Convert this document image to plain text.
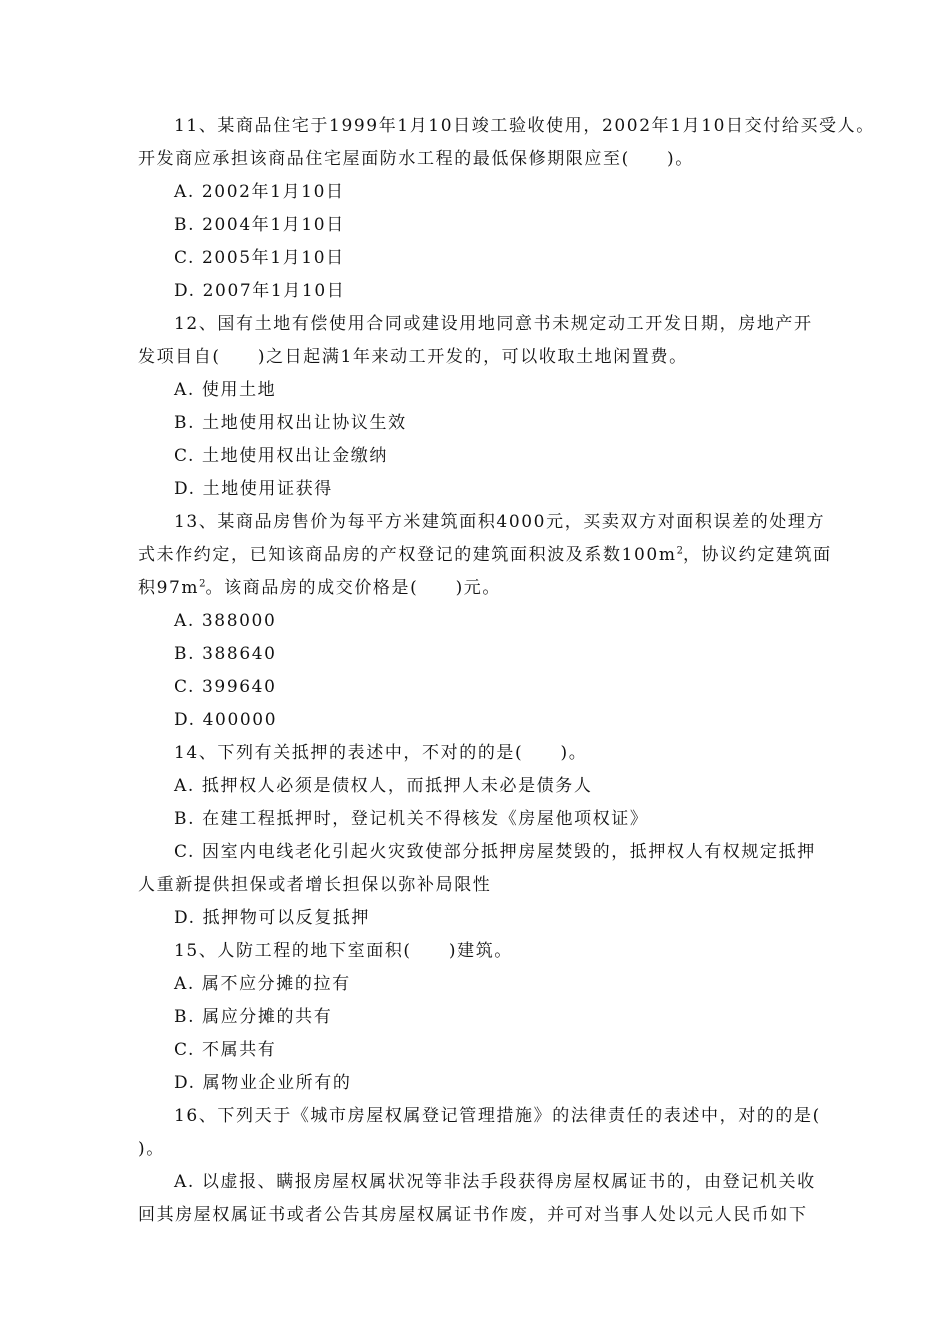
11、某商品住宅于1999年1月10日竣工验收使用，2002年1月10日交付给买受人。
开发商应承担该商品住宅屋面防水工程的最低保修期限应至(　　)。
A. 2002年1月10日
B. 2004年1月10日
C. 2005年1月10日
D. 2007年1月10日
12、国有土地有偿使用合同或建设用地同意书未规定动工开发日期，房地产开
发项目自(　　)之日起满1年来动工开发的，可以收取土地闲置费。
A. 使用土地
B. 土地使用权出让协议生效
C. 土地使用权出让金缴纳
D. 土地使用证获得
13、某商品房售价为每平方米建筑面积4000元，买卖双方对面积误差的处理方
式未作约定，已知该商品房的产权登记的建筑面积波及系数$100m^2$，协议约定建筑面
积$97m^2$。该商品房的成交价格是(　　)元。
A. 388000
B. 388640
C. 399640
D. 400000
14、下列有关抵押的表述中，不对的的是(　　)。
A. 抵押权人必须是债权人，而抵押人未必是债务人
B. 在建工程抵押时，登记机关不得核发《房屋他项权证》
C. 因室内电线老化引起火灾致使部分抵押房屋焚毁的，抵押权人有权规定抵押
人重新提供担保或者增长担保以弥补局限性
D. 抵押物可以反复抵押
15、人防工程的地下室面积(　　)建筑。
A. 属不应分摊的拉有
B. 属应分摊的共有
C. 不属共有
D. 属物业企业所有的
16、下列天于《城市房屋权属登记管理措施》的法律责任的表述中，对的的是(
)。
A. 以虚报、瞒报房屋权属状况等非法手段获得房屋权属证书的，由登记机关收
回其房屋权属证书或者公告其房屋权属证书作废，并可对当事人处以元人民币如下
